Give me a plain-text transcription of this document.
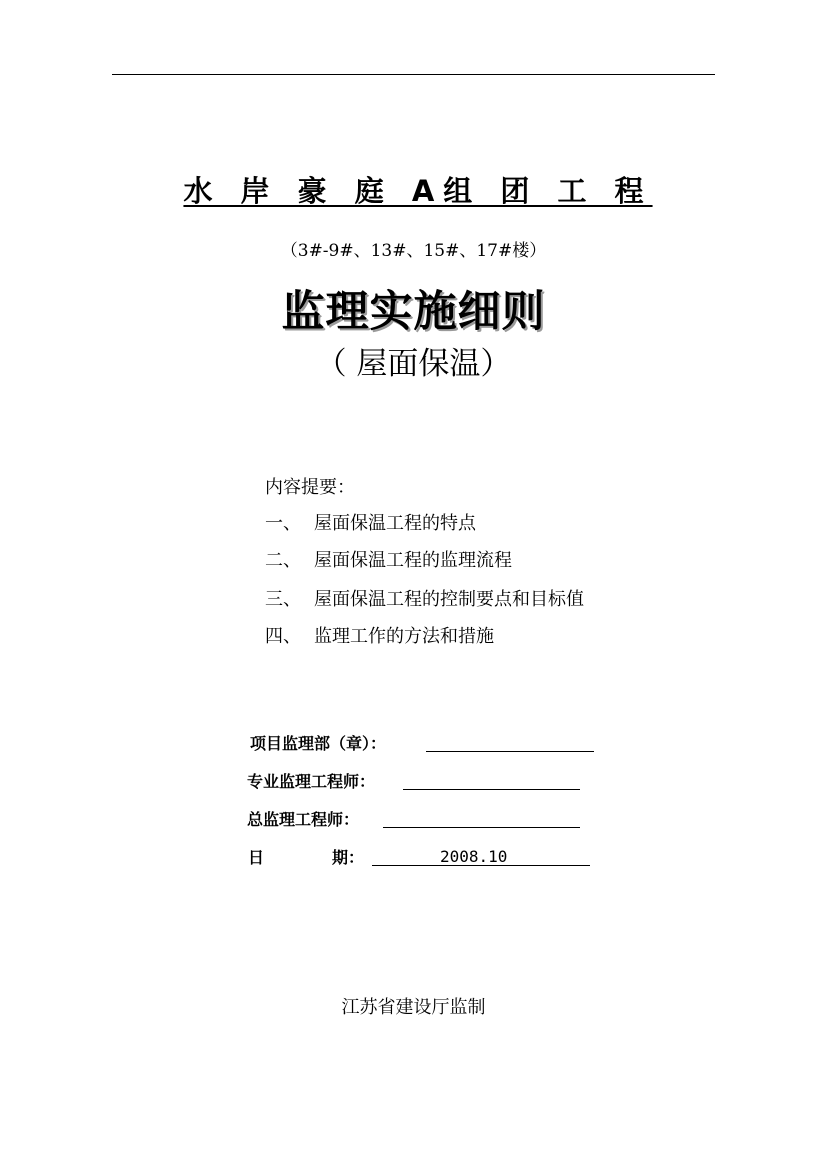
水 岸 豪 庭 A组 团 工 程
（3#-9#、13#、15#、17#楼）
监理实施细则
（ 屋面保温）
内容提要：
一、 屋面保温工程的特点
二、 屋面保温工程的监理流程
三、 屋面保温工程的控制要点和目标值
四、 监理工作的方法和措施
项目监理部（章）：
专业监理工程师：
总监理工程师：
日	期：	2008.10
江苏省建设厅监制
